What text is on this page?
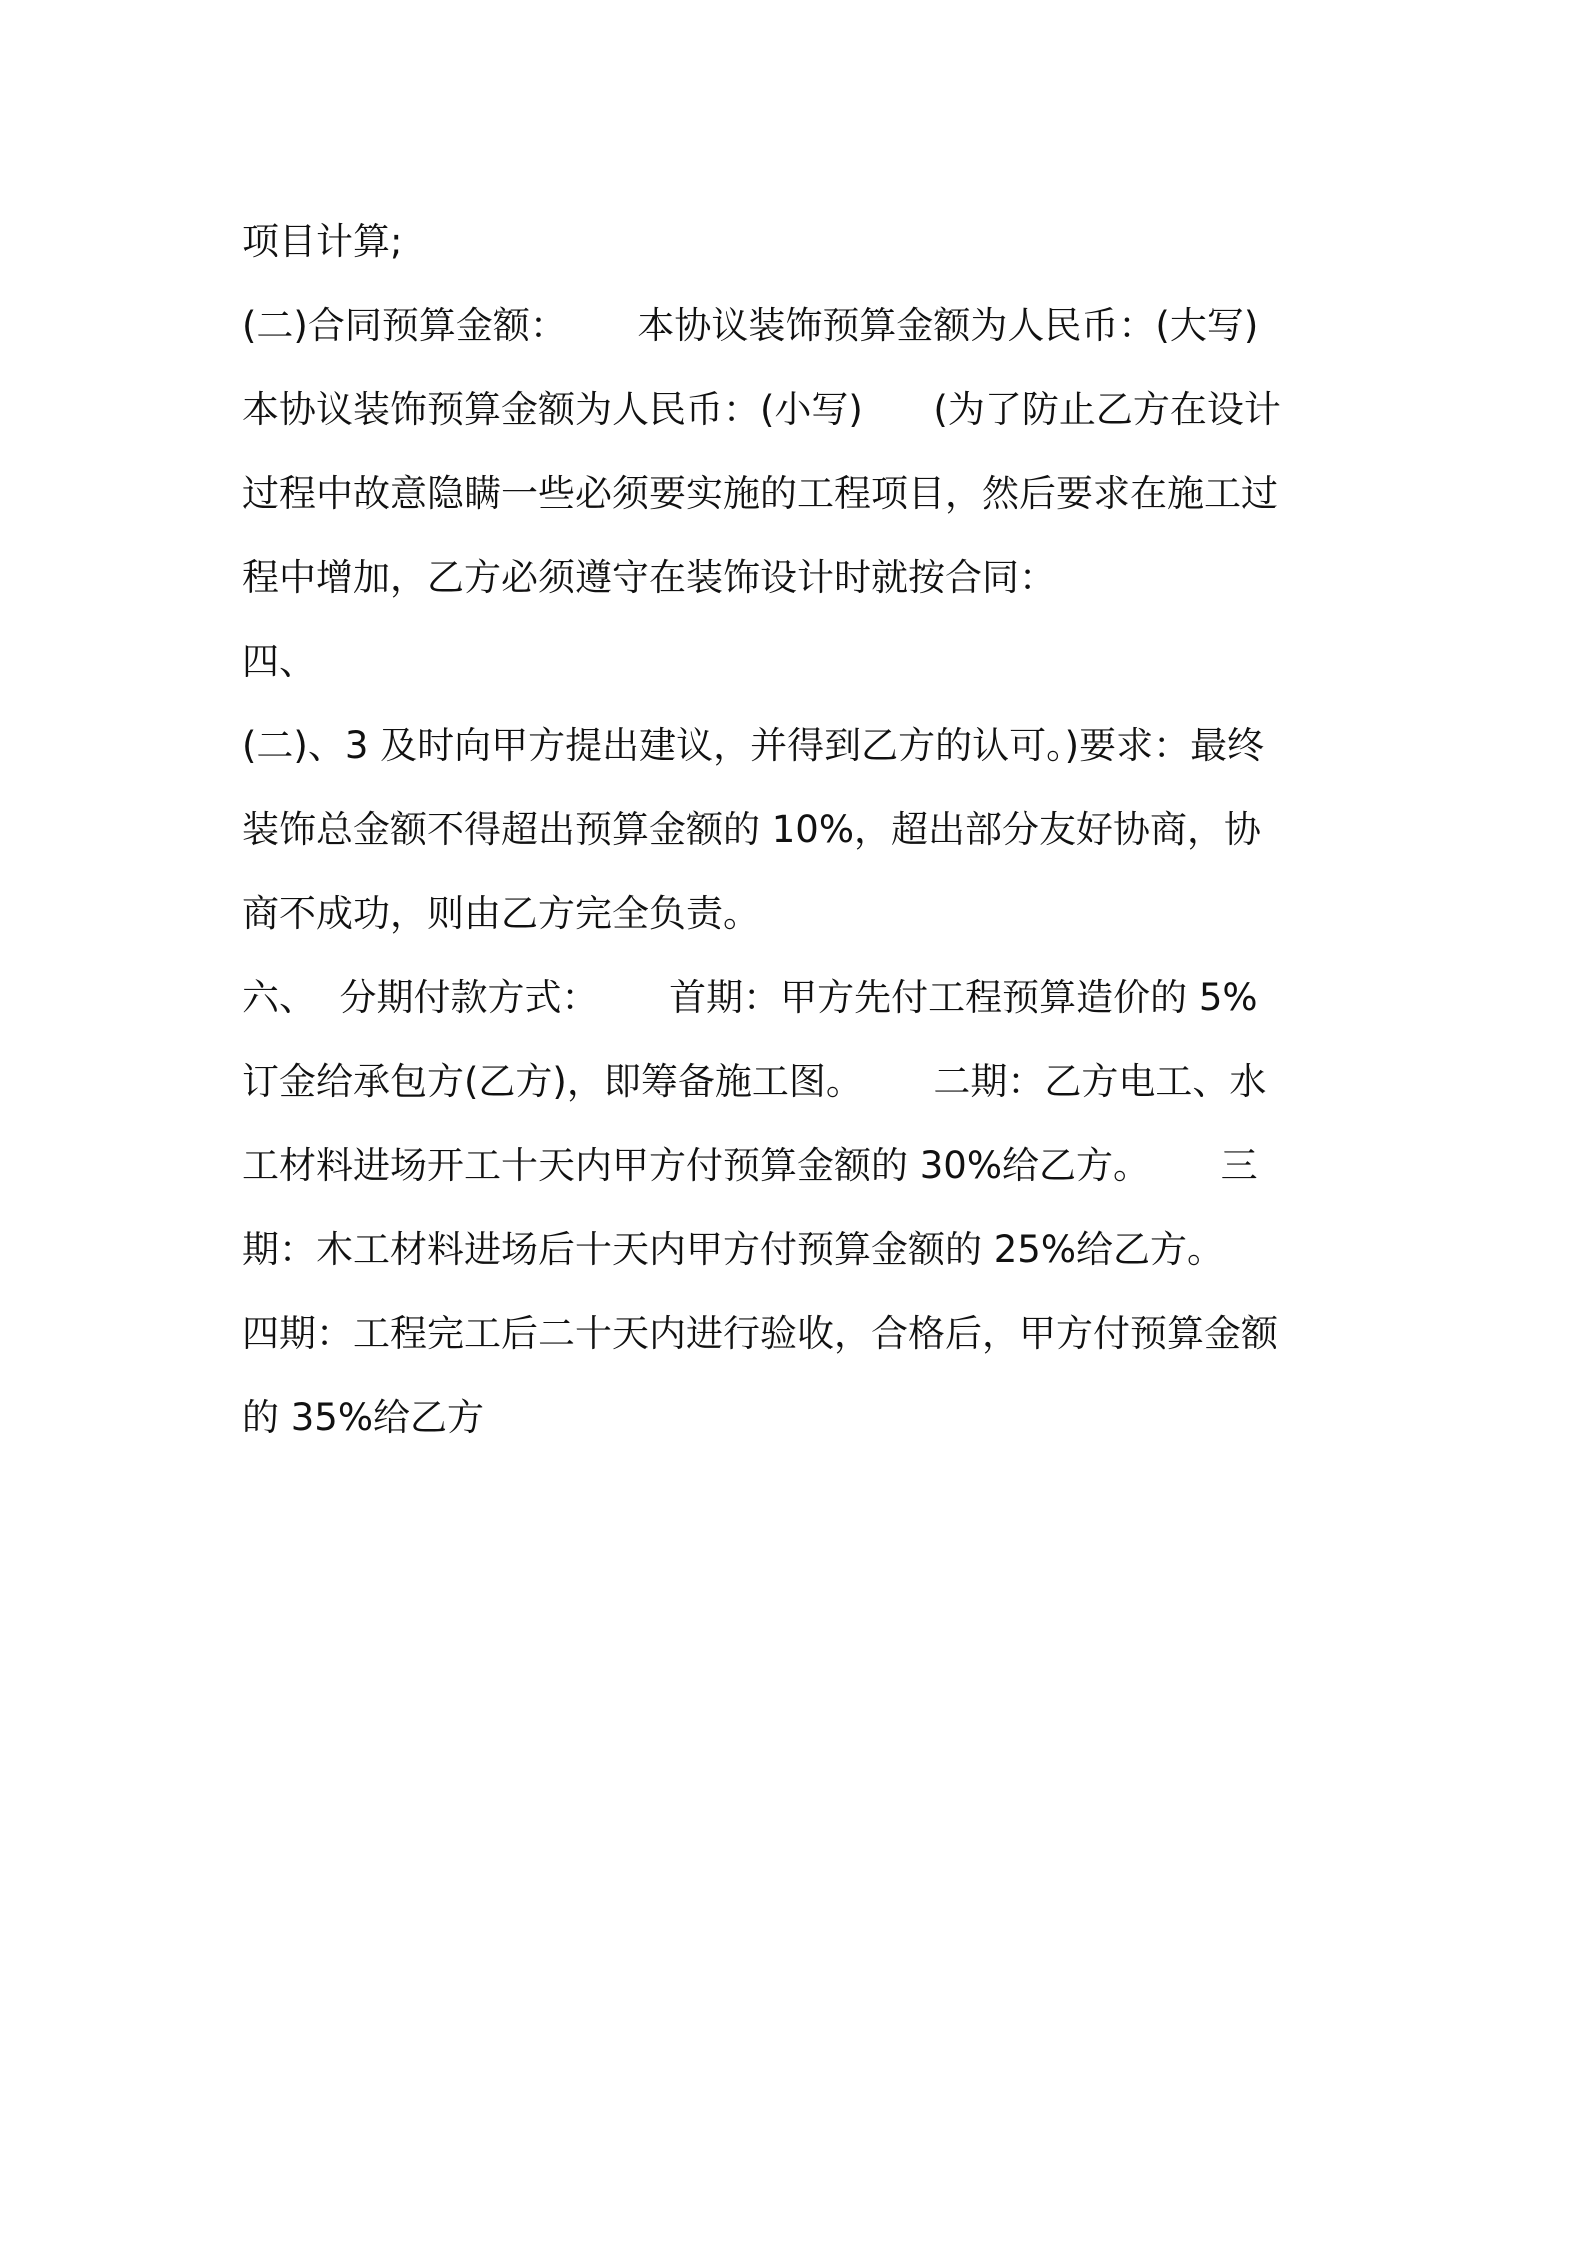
项目计算;
(二)合同预算金额：      本协议装饰预算金额为人民币：(大写)
本协议装饰预算金额为人民币：(小写)      (为了防止乙方在设计
过程中故意隐瞒一些必须要实施的工程项目，然后要求在施工过
程中增加，乙方必须遵守在装饰设计时就按合同：
四、
(二)、3 及时向甲方提出建议，并得到乙方的认可。)要求：最终
装饰总金额不得超出预算金额的 10%，超出部分友好协商，协
商不成功，则由乙方完全负责。
六、  分期付款方式：      首期：甲方先付工程预算造价的 5%
订金给承包方(乙方)，即筹备施工图。      二期：乙方电工、水
工材料进场开工十天内甲方付预算金额的 30%给乙方。      三
期：木工材料进场后十天内甲方付预算金额的 25%给乙方。
四期：工程完工后二十天内进行验收，合格后，甲方付预算金额
的 35%给乙方
